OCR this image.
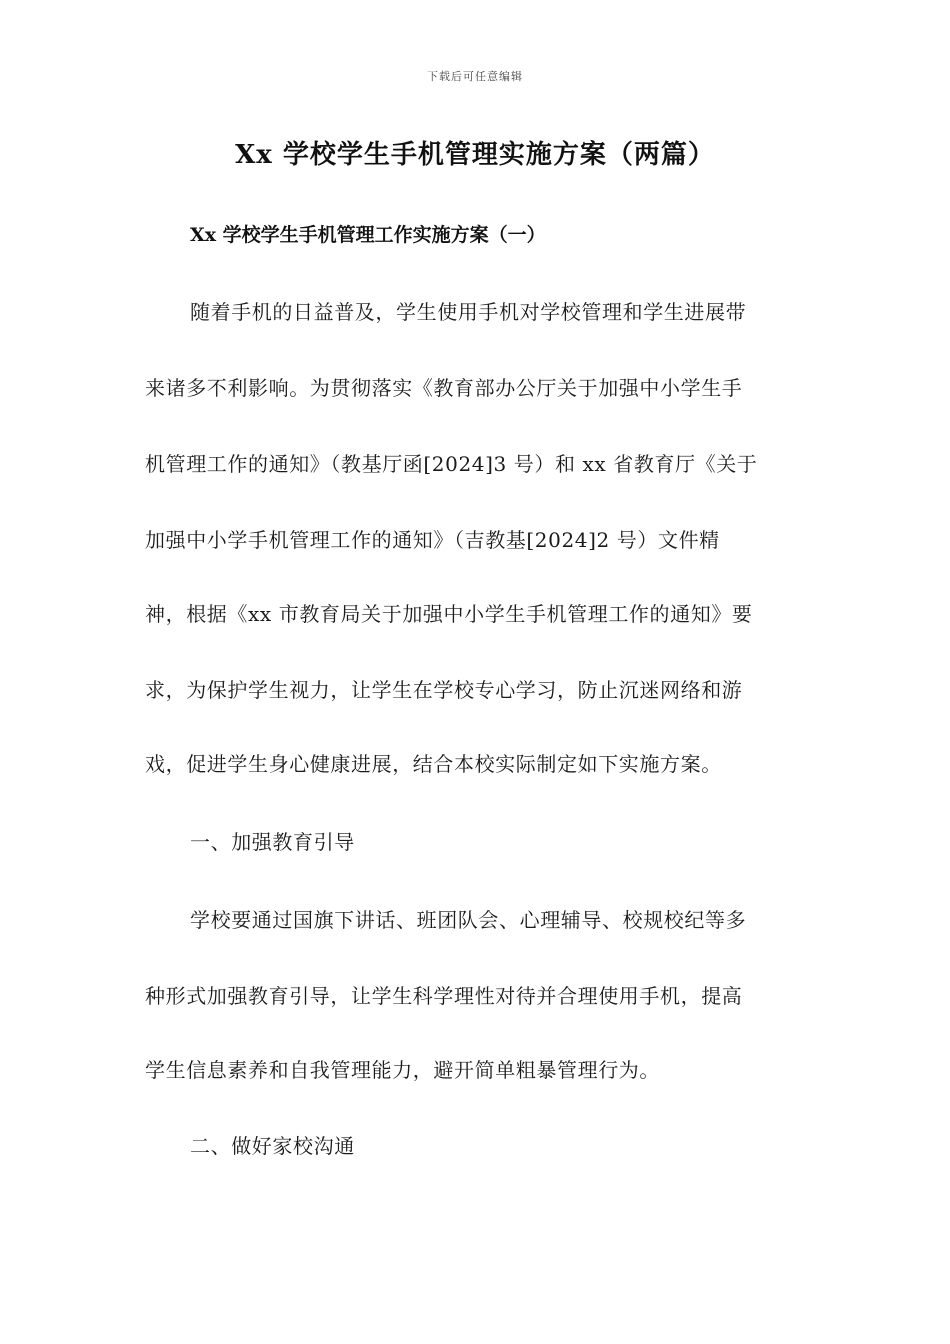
下载后可任意编辑
Xx 学校学生手机管理实施方案（两篇）
Xx 学校学生手机管理工作实施方案（一）
随着手机的日益普及，学生使用手机对学校管理和学生进展带
来诸多不利影响。为贯彻落实《教育部办公厅关于加强中小学生手
机管理工作的通知》（教基厅函[2024]3 号）和 xx 省教育厅《关于
加强中小学手机管理工作的通知》（吉教基[2024]2 号）文件精
神，根据《xx 市教育局关于加强中小学生手机管理工作的通知》要
求，为保护学生视力，让学生在学校专心学习，防止沉迷网络和游
戏，促进学生身心健康进展，结合本校实际制定如下实施方案。
一、加强教育引导
学校要通过国旗下讲话、班团队会、心理辅导、校规校纪等多
种形式加强教育引导，让学生科学理性对待并合理使用手机，提高
学生信息素养和自我管理能力，避开简单粗暴管理行为。
二、做好家校沟通
